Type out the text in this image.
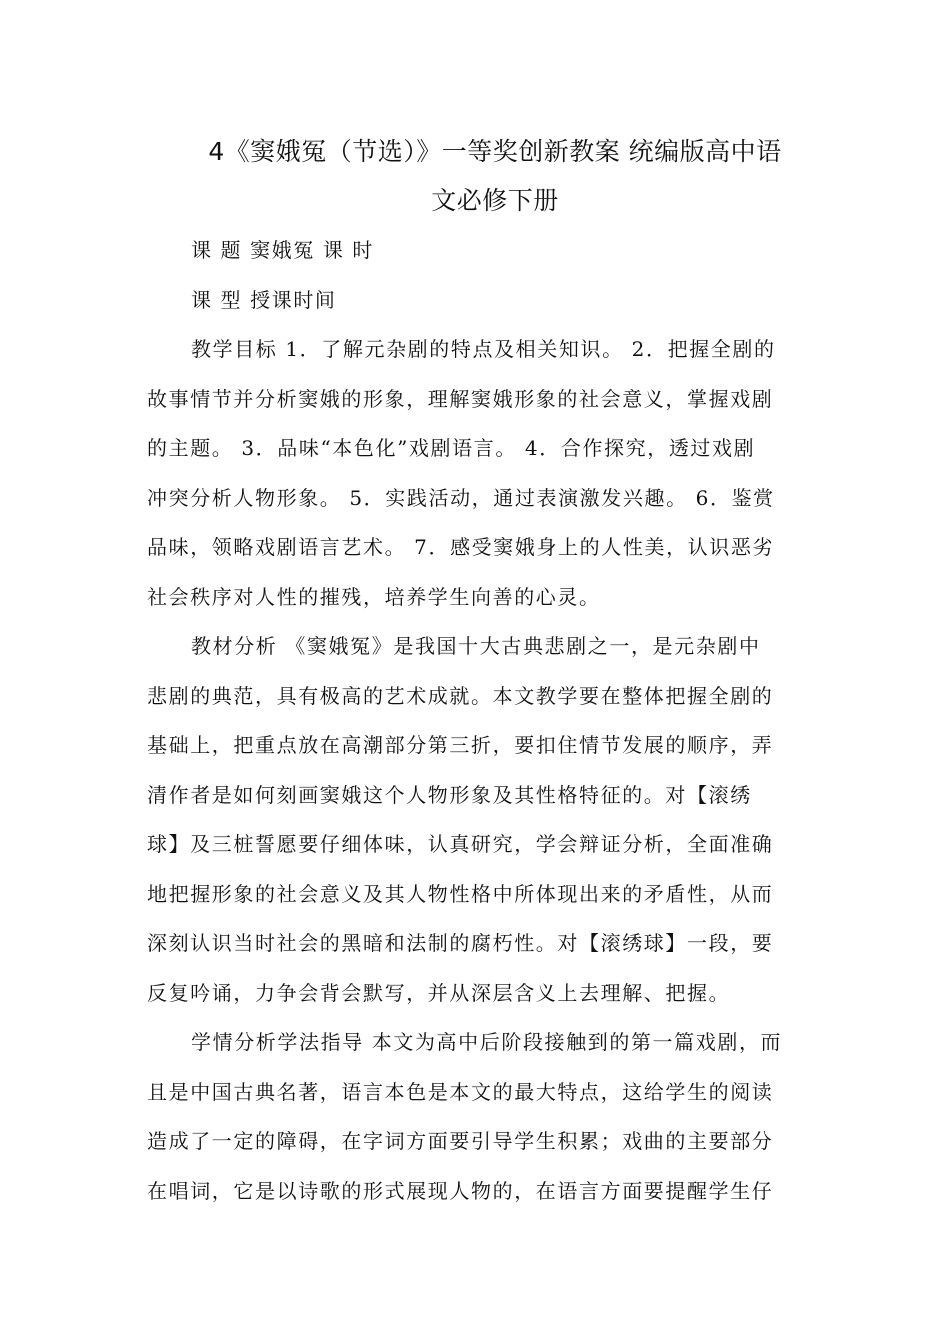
4《窦娥冤（节选）》一等奖创新教案 统编版高中语
文必修下册
课 题 窦娥冤 课 时
课 型 授课时间
教学目标 1．了解元杂剧的特点及相关知识。 2．把握全剧的
故事情节并分析窦娥的形象，理解窦娥形象的社会意义，掌握戏剧
的主题。 3．品味“本色化”戏剧语言。 4．合作探究，透过戏剧
冲突分析人物形象。 5．实践活动，通过表演激发兴趣。 6．鉴赏
品味，领略戏剧语言艺术。 7．感受窦娥身上的人性美，认识恶劣
社会秩序对人性的摧残，培养学生向善的心灵。
教材分析 《窦娥冤》是我国十大古典悲剧之一，是元杂剧中
悲剧的典范，具有极高的艺术成就。本文教学要在整体把握全剧的
基础上，把重点放在高潮部分第三折，要扣住情节发展的顺序，弄
清作者是如何刻画窦娥这个人物形象及其性格特征的。对【滚绣
球】及三桩誓愿要仔细体味，认真研究，学会辩证分析，全面准确
地把握形象的社会意义及其人物性格中所体现出来的矛盾性，从而
深刻认识当时社会的黑暗和法制的腐朽性。对【滚绣球】一段，要
反复吟诵，力争会背会默写，并从深层含义上去理解、把握。
学情分析学法指导 本文为高中后阶段接触到的第一篇戏剧，而
且是中国古典名著，语言本色是本文的最大特点，这给学生的阅读
造成了一定的障碍，在字词方面要引导学生积累；戏曲的主要部分
在唱词，它是以诗歌的形式展现人物的，在语言方面要提醒学生仔
